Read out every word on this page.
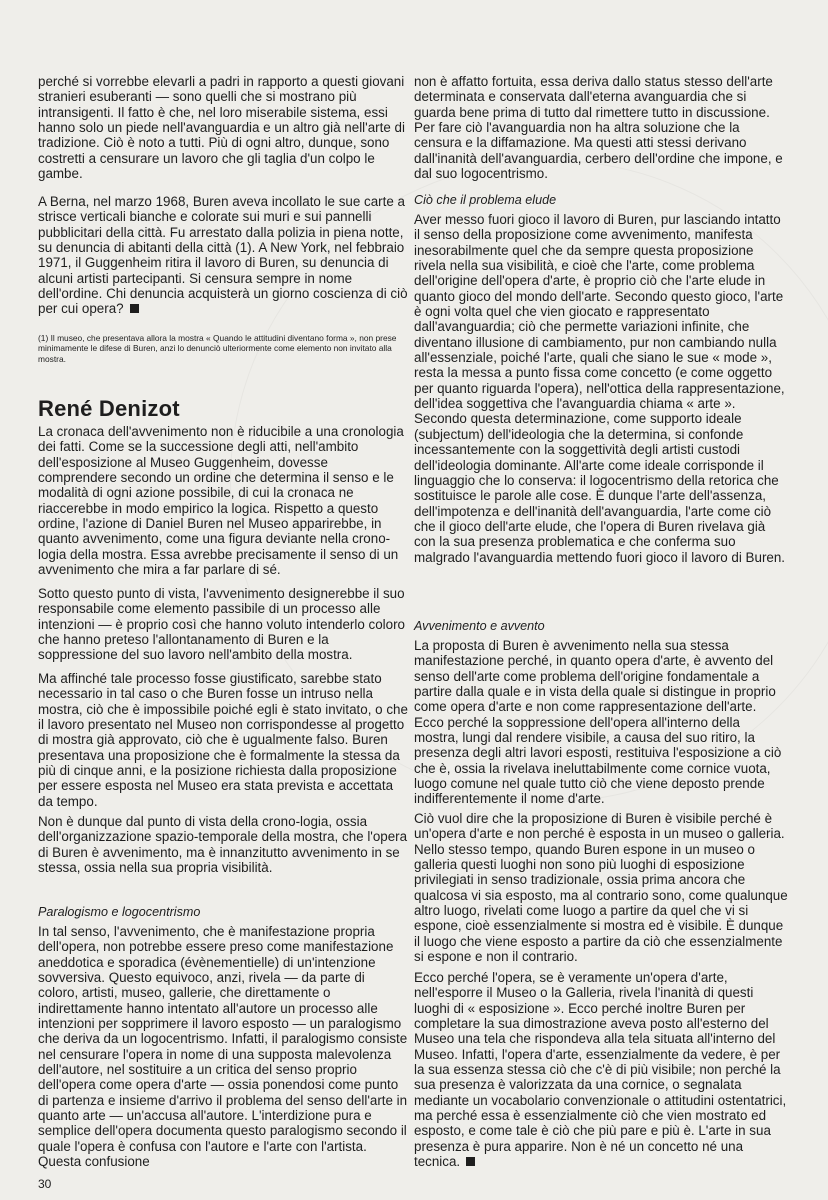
perché si vorrebbe elevarli a padri in rapporto a questi giovani stranieri esuberanti — sono quelli che si mostrano più intransigenti. Il fatto è che, nel loro miserabile sistema, essi hanno solo un piede nell'avanguardia e un altro già nell'arte di tradizione. Ciò è noto a tutti. Più di ogni altro, dunque, sono costretti a censurare un lavoro che gli taglia d'un colpo le gambe.

A Berna, nel marzo 1968, Buren aveva incollato le sue carte a strisce verticali bianche e colorate sui muri e sui pannelli pubblicitari della città. Fu arrestato dalla polizia in piena notte, su denuncia di abitanti della città (1). A New York, nel febbraio 1971, il Guggenheim ritira il lavoro di Buren, su denuncia di alcuni artisti partecipanti. Si censura sempre in nome dell'ordine. Chi denuncia acquisterà un giorno coscienza di ciò per cui opera?

(1) Il museo, che presentava allora la mostra « Quando le attitudini diventano forma », non prese minimamente le difese di Buren, anzi lo denunciò ulteriormente come elemento non invitato alla mostra.

René Denizot

La cronaca dell'avvenimento non è riducibile a una cronologia dei fatti. Come se la successione degli atti, nell'ambito dell'esposizione al Museo Guggenheim, dovesse comprendere secondo un ordine che determina il senso e le modalità di ogni azione possibile, di cui la cronaca ne riaccerebbe in modo empirico la logica. Rispetto a questo ordine, l'azione di Daniel Buren nel Museo apparirebbe, in quanto avvenimento, come una figura deviante nella crono-logia della mostra. Essa avrebbe precisamente il senso di un avvenimento che mira a far parlare di sé.

Sotto questo punto di vista, l'avvenimento designerebbe il suo responsabile come elemento passibile di un processo alle intenzioni — è proprio così che hanno voluto intenderlo coloro che hanno preteso l'allontanamento di Buren e la soppressione del suo lavoro nell'ambito della mostra.

Ma affinché tale processo fosse giustificato, sarebbe stato necessario in tal caso o che Buren fosse un intruso nella mostra, ciò che è impossibile poiché egli è stato invitato, o che il lavoro presentato nel Museo non corrispondesse al progetto di mostra già approvato, ciò che è ugualmente falso. Buren presentava una proposizione che è formalmente la stessa da più di cinque anni, e la posizione richiesta dalla proposizione per essere esposta nel Museo era stata prevista e accettata da tempo.

Non è dunque dal punto di vista della crono-logia, ossia dell'organizzazione spazio-temporale della mostra, che l'opera di Buren è avvenimento, ma è innanzitutto avvenimento in se stessa, ossia nella sua propria visibilità.

Paralogismo e logocentrismo

In tal senso, l'avvenimento, che è manifestazione propria dell'opera, non potrebbe essere preso come manifestazione aneddotica e sporadica (évènementielle) di un'intenzione sovversiva. Questo equivoco, anzi, rivela — da parte di coloro, artisti, museo, gallerie, che direttamente o indirettamente hanno intentato all'autore un processo alle intenzioni per sopprimere il lavoro esposto — un paralogismo che deriva da un logocentrismo. Infatti, il paralogismo consiste nel censurare l'opera in nome di una supposta malevolenza dell'autore, nel sostituire a un critica del senso proprio dell'opera come opera d'arte — ossia ponendosi come punto di partenza e insieme d'arrivo il problema del senso dell'arte in quanto arte — un'accusa all'autore. L'interdizione pura e semplice dell'opera documenta questo paralogismo secondo il quale l'opera è confusa con l'autore e l'arte con l'artista. Questa confusione

non è affatto fortuita, essa deriva dallo status stesso dell'arte determinata e conservata dall'eterna avanguardia che si guarda bene prima di tutto dal rimettere tutto in discussione. Per fare ciò l'avanguardia non ha altra soluzione che la censura e la diffamazione. Ma questi atti stessi derivano dall'inanità dell'avanguardia, cerbero dell'ordine che impone, e dal suo logocentrismo.

Ciò che il problema elude

Aver messo fuori gioco il lavoro di Buren, pur lasciando intatto il senso della proposizione come avvenimento, manifesta inesorabilmente quel che da sempre questa proposizione rivela nella sua visibilità, e cioè che l'arte, come problema dell'origine dell'opera d'arte, è proprio ciò che l'arte elude in quanto gioco del mondo dell'arte. Secondo questo gioco, l'arte è ogni volta quel che vien giocato e rappresentato dall'avanguardia; ciò che permette variazioni infinite, che diventano illusione di cambiamento, pur non cambiando nulla all'essenziale, poiché l'arte, quali che siano le sue « mode », resta la messa a punto fissa come concetto (e come oggetto per quanto riguarda l'opera), nell'ottica della rappresentazione, dell'idea soggettiva che l'avanguardia chiama « arte ». Secondo questa determinazione, come supporto ideale (subjectum) dell'ideologia che la determina, si confonde incessantemente con la soggettività degli artisti custodi dell'ideologia dominante. All'arte come ideale corrisponde il linguaggio che lo conserva: il logocentrismo della retorica che sostituisce le parole alle cose. È dunque l'arte dell'assenza, dell'impotenza e dell'inanità dell'avanguardia, l'arte come ciò che il gioco dell'arte elude, che l'opera di Buren rivelava già con la sua presenza problematica e che conferma suo malgrado l'avanguardia mettendo fuori gioco il lavoro di Buren.

Avvenimento e avvento

La proposta di Buren è avvenimento nella sua stessa manifestazione perché, in quanto opera d'arte, è avvento del senso dell'arte come problema dell'origine fondamentale a partire dalla quale e in vista della quale si distingue in proprio come opera d'arte e non come rappresentazione dell'arte. Ecco perché la soppressione dell'opera all'interno della mostra, lungi dal rendere visibile, a causa del suo ritiro, la presenza degli altri lavori esposti, restituiva l'esposizione a ciò che è, ossia la rivelava ineluttabilmente come cornice vuota, luogo comune nel quale tutto ciò che viene deposto prende indifferentemente il nome d'arte.

Ciò vuol dire che la proposizione di Buren è visibile perché è un'opera d'arte e non perché è esposta in un museo o galleria. Nello stesso tempo, quando Buren espone in un museo o galleria questi luoghi non sono più luoghi di esposizione privilegiati in senso tradizionale, ossia prima ancora che qualcosa vi sia esposto, ma al contrario sono, come qualunque altro luogo, rivelati come luogo a partire da quel che vi si espone, cioè essenzialmente si mostra ed è visibile. È dunque il luogo che viene esposto a partire da ciò che essenzialmente si espone e non il contrario.

Ecco perché l'opera, se è veramente un'opera d'arte, nell'esporre il Museo o la Galleria, rivela l'inanità di questi luoghi di « esposizione ». Ecco perché inoltre Buren per completare la sua dimostrazione aveva posto all'esterno del Museo una tela che rispondeva alla tela situata all'interno del Museo. Infatti, l'opera d'arte, essenzialmente da vedere, è per la sua essenza stessa ciò che c'è di più visibile; non perché la sua presenza è valorizzata da una cornice, o segnalata mediante un vocabolario convenzionale o attitudini ostentatrici, ma perché essa è essenzialmente ciò che vien mostrato ed esposto, e come tale è ciò che più pare e più è. L'arte in sua presenza è pura apparire. Non è né un concetto né una tecnica.

30
